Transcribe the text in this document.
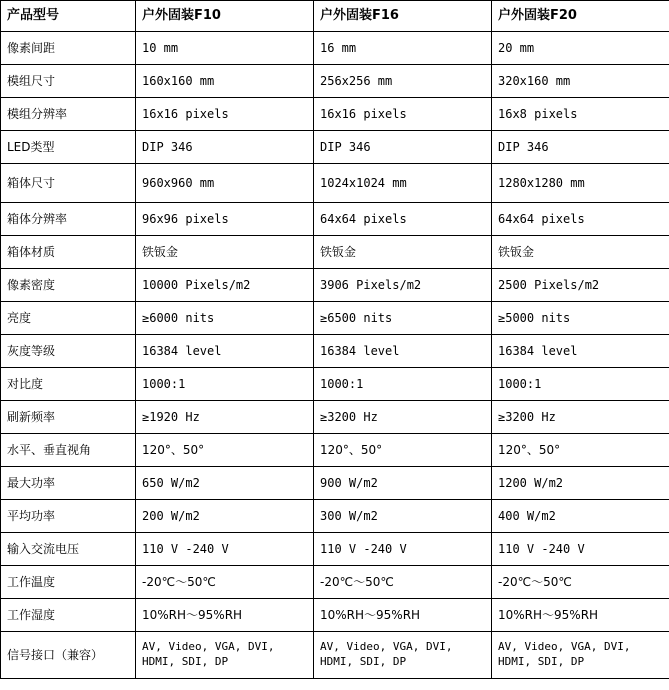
产品型号	户外固装F10	户外固装F16	户外固装F20
像素间距	10 mm	16 mm	20 mm
模组尺寸	160x160 mm	256x256 mm	320x160 mm
模组分辨率	16x16 pixels	16x16 pixels	16x8 pixels
LED类型	DIP 346	DIP 346	DIP 346
箱体尺寸	960x960 mm	1024x1024 mm	1280x1280 mm
箱体分辨率	96x96 pixels	64x64 pixels	64x64 pixels
箱体材质	铁钣金	铁钣金	铁钣金
像素密度	10000 Pixels/m2	3906 Pixels/m2	2500 Pixels/m2
亮度	≥6000 nits	≥6500 nits	≥5000 nits
灰度等级	16384 level	16384 level	16384 level
对比度	1000:1	1000:1	1000:1
刷新频率	≥1920 Hz	≥3200 Hz	≥3200 Hz
水平、垂直视角	120°、50°	120°、50°	120°、50°
最大功率	650 W/m2	900 W/m2	1200 W/m2
平均功率	200 W/m2	300 W/m2	400 W/m2
输入交流电压	110 V -240 V	110 V -240 V	110 V -240 V
工作温度	-20℃～50℃	-20℃～50℃	-20℃～50℃
工作湿度	10%RH～95%RH	10%RH～95%RH	10%RH～95%RH
信号接口（兼容）	AV, Video, VGA, DVI, HDMI, SDI, DP	AV, Video, VGA, DVI, HDMI, SDI, DP	AV, Video, VGA, DVI, HDMI, SDI, DP
